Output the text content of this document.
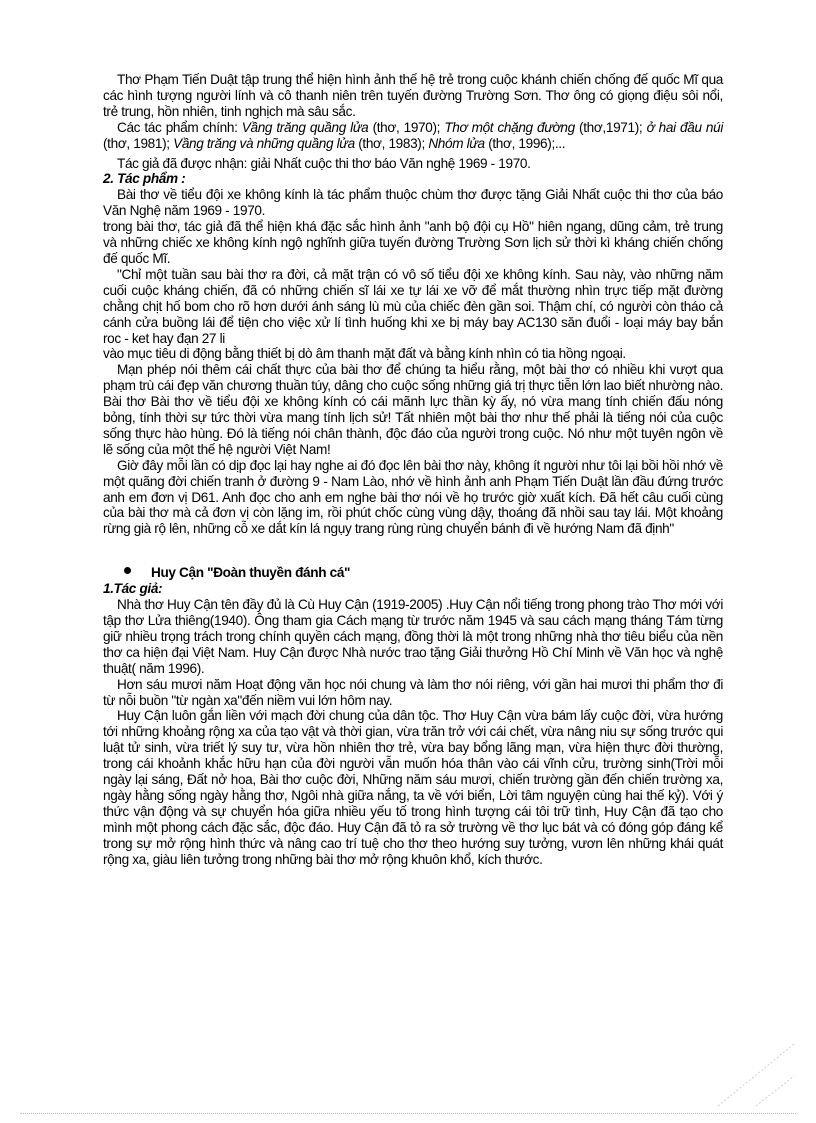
Thơ Phạm Tiến Duật tập trung thể hiện hình ảnh thế hệ trẻ trong cuộc khánh chiến chống đế quốc Mĩ qua các hình tượng người lính và cô thanh niên trên tuyến đường Trường Sơn. Thơ ông có giọng điệu sôi nổi, trẻ trung, hồn nhiên, tinh nghịch mà sâu sắc.

Các tác phẩm chính: Vầng trăng quầng lửa (thơ, 1970); Thơ một chặng đường (thơ,1971); ở hai đầu núi (thơ, 1981); Vầng trăng và những quầng lửa (thơ, 1983); Nhóm lửa (thơ, 1996);...

Tác giả đã được nhận: giải Nhất cuộc thi thơ báo Văn nghệ 1969 - 1970.

2. Tác phẩm :

Bài thơ về tiểu đội xe không kính là tác phẩm thuộc chùm thơ được tặng Giải Nhất cuộc thi thơ của báo Văn Nghệ năm 1969 - 1970.

trong bài thơ, tác giả đã thể hiện khá đặc sắc hình ảnh "anh bộ đội cụ Hồ" hiên ngang, dũng cảm, trẻ trung và những chiếc xe không kính ngộ nghĩnh giữa tuyến đường Trường Sơn lịch sử thời kì kháng chiến chống đế quốc Mĩ.

"Chỉ một tuần sau bài thơ ra đời, cả mặt trận có vô số tiểu đội xe không kính. Sau này, vào những năm cuối cuộc kháng chiến, đã có những chiến sĩ lái xe tự lái xe vỡ để mắt thường nhìn trực tiếp mặt đường chằng chịt hố bom cho rõ hơn dưới ánh sáng lù mù của chiếc đèn gần soi. Thậm chí, có người còn tháo cả cánh cửa buồng lái để tiện cho việc xử lí tình huống khi xe bị máy bay AC130 săn đuổi - loại máy bay bắn roc - ket hay đạn 27 li

vào mục tiêu di động bằng thiết bị dò âm thanh mặt đất và bằng kính nhìn có tia hồng ngoại.

Mạn phép nói thêm cái chất thực của bài thơ để chúng ta hiểu rằng, một bài thơ có nhiều khi vượt qua phạm trù cái đẹp văn chương thuần túy, dâng cho cuộc sống những giá trị thực tiễn lớn lao biết nhường nào. Bài thơ Bài thơ về tiểu đội xe không kính có cái mãnh lực thần kỳ ấy, nó vừa mang tính chiến đấu nóng bỏng, tính thời sự tức thời vừa mang tính lịch sử! Tất nhiên một bài thơ như thế phải là tiếng nói của cuộc sống thực hào hùng. Đó là tiếng nói chân thành, độc đáo của người trong cuộc. Nó như một tuyên ngôn về lẽ sống của một thế hệ người Việt Nam!

Giờ đây mỗi lần có dịp đọc lại hay nghe ai đó đọc lên bài thơ này, không ít người như tôi lại bồi hồi nhớ về một quãng đời chiến tranh ở đường 9 - Nam Lào, nhớ về hình ảnh anh Phạm Tiến Duật lần đầu đứng trước anh em đơn vị D61. Anh đọc cho anh em nghe bài thơ nói về họ trước giờ xuất kích. Đã hết câu cuối cùng của bài thơ mà cả đơn vị còn lặng im, rồi phút chốc cùng vùng dậy, thoáng đã nhồi sau tay lái. Một khoảng rừng già rộ lên, những cỗ xe dắt kín lá ngụy trang rùng rùng chuyển bánh đi về hướng Nam đã định"

Huy Cận "Đoàn thuyền đánh cá"

1.Tác giả:

Nhà thơ Huy Cận tên đầy đủ là Cù Huy Cận (1919-2005) .Huy Cận nổi tiếng trong phong trào Thơ mới với tập thơ Lửa thiêng(1940). Ông tham gia Cách mạng từ trước năm 1945 và sau cách mạng tháng Tám từng giữ nhiều trọng trách trong chính quyền cách mạng, đồng thời là một trong những nhà thơ tiêu biểu của nền thơ ca hiện đại Việt Nam. Huy Cận được Nhà nước trao tặng Giải thưởng Hồ Chí Minh về Văn học và nghệ thuật( năm 1996).

Hơn sáu mươi năm Hoạt động văn học nói chung và làm thơ nói riêng, với gần hai mươi thi phẩm thơ đi từ nỗi buồn "từ ngàn xa"đến niềm vui lớn hôm nay.

Huy Cận luôn gắn liền với mạch đời chung của dân tộc. Thơ Huy Cận vừa bám lấy cuộc đời, vừa hướng tới những khoảng rộng xa của tạo vật và thời gian, vừa trăn trở với cái chết, vừa nâng niu sự sống trước qui luật tử sinh, vừa triết lý suy tư, vừa hồn nhiên thơ trẻ, vừa bay bổng lãng mạn, vừa hiện thực đời thường, trong cái khoảnh khắc hữu hạn của đời người vẫn muốn hóa thân vào cái vĩnh cửu, trường sinh(Trời mỗi ngày lại sáng, Đất nở hoa, Bài thơ cuộc đời, Những năm sáu mươi, chiến trường gần đến chiến trường xa, ngày hằng sống ngày hằng thơ, Ngôi nhà giữa nắng, ta về với biển, Lời tâm nguyện cùng hai thế kỷ). Với ý thức vận động và sự chuyển hóa giữa nhiều yếu tố trong hình tượng cái tôi trữ tình, Huy Cận đã tạo cho mình một phong cách đặc sắc, độc đáo. Huy Cận đã tỏ ra sở trường về thơ lục bát và có đóng góp đáng kể trong sự mở rộng hình thức và nâng cao trí tuệ cho thơ theo hướng suy tưởng, vươn lên những khái quát rộng xa, giàu liên tưởng trong những bài thơ mở rộng khuôn khổ, kích thước.
